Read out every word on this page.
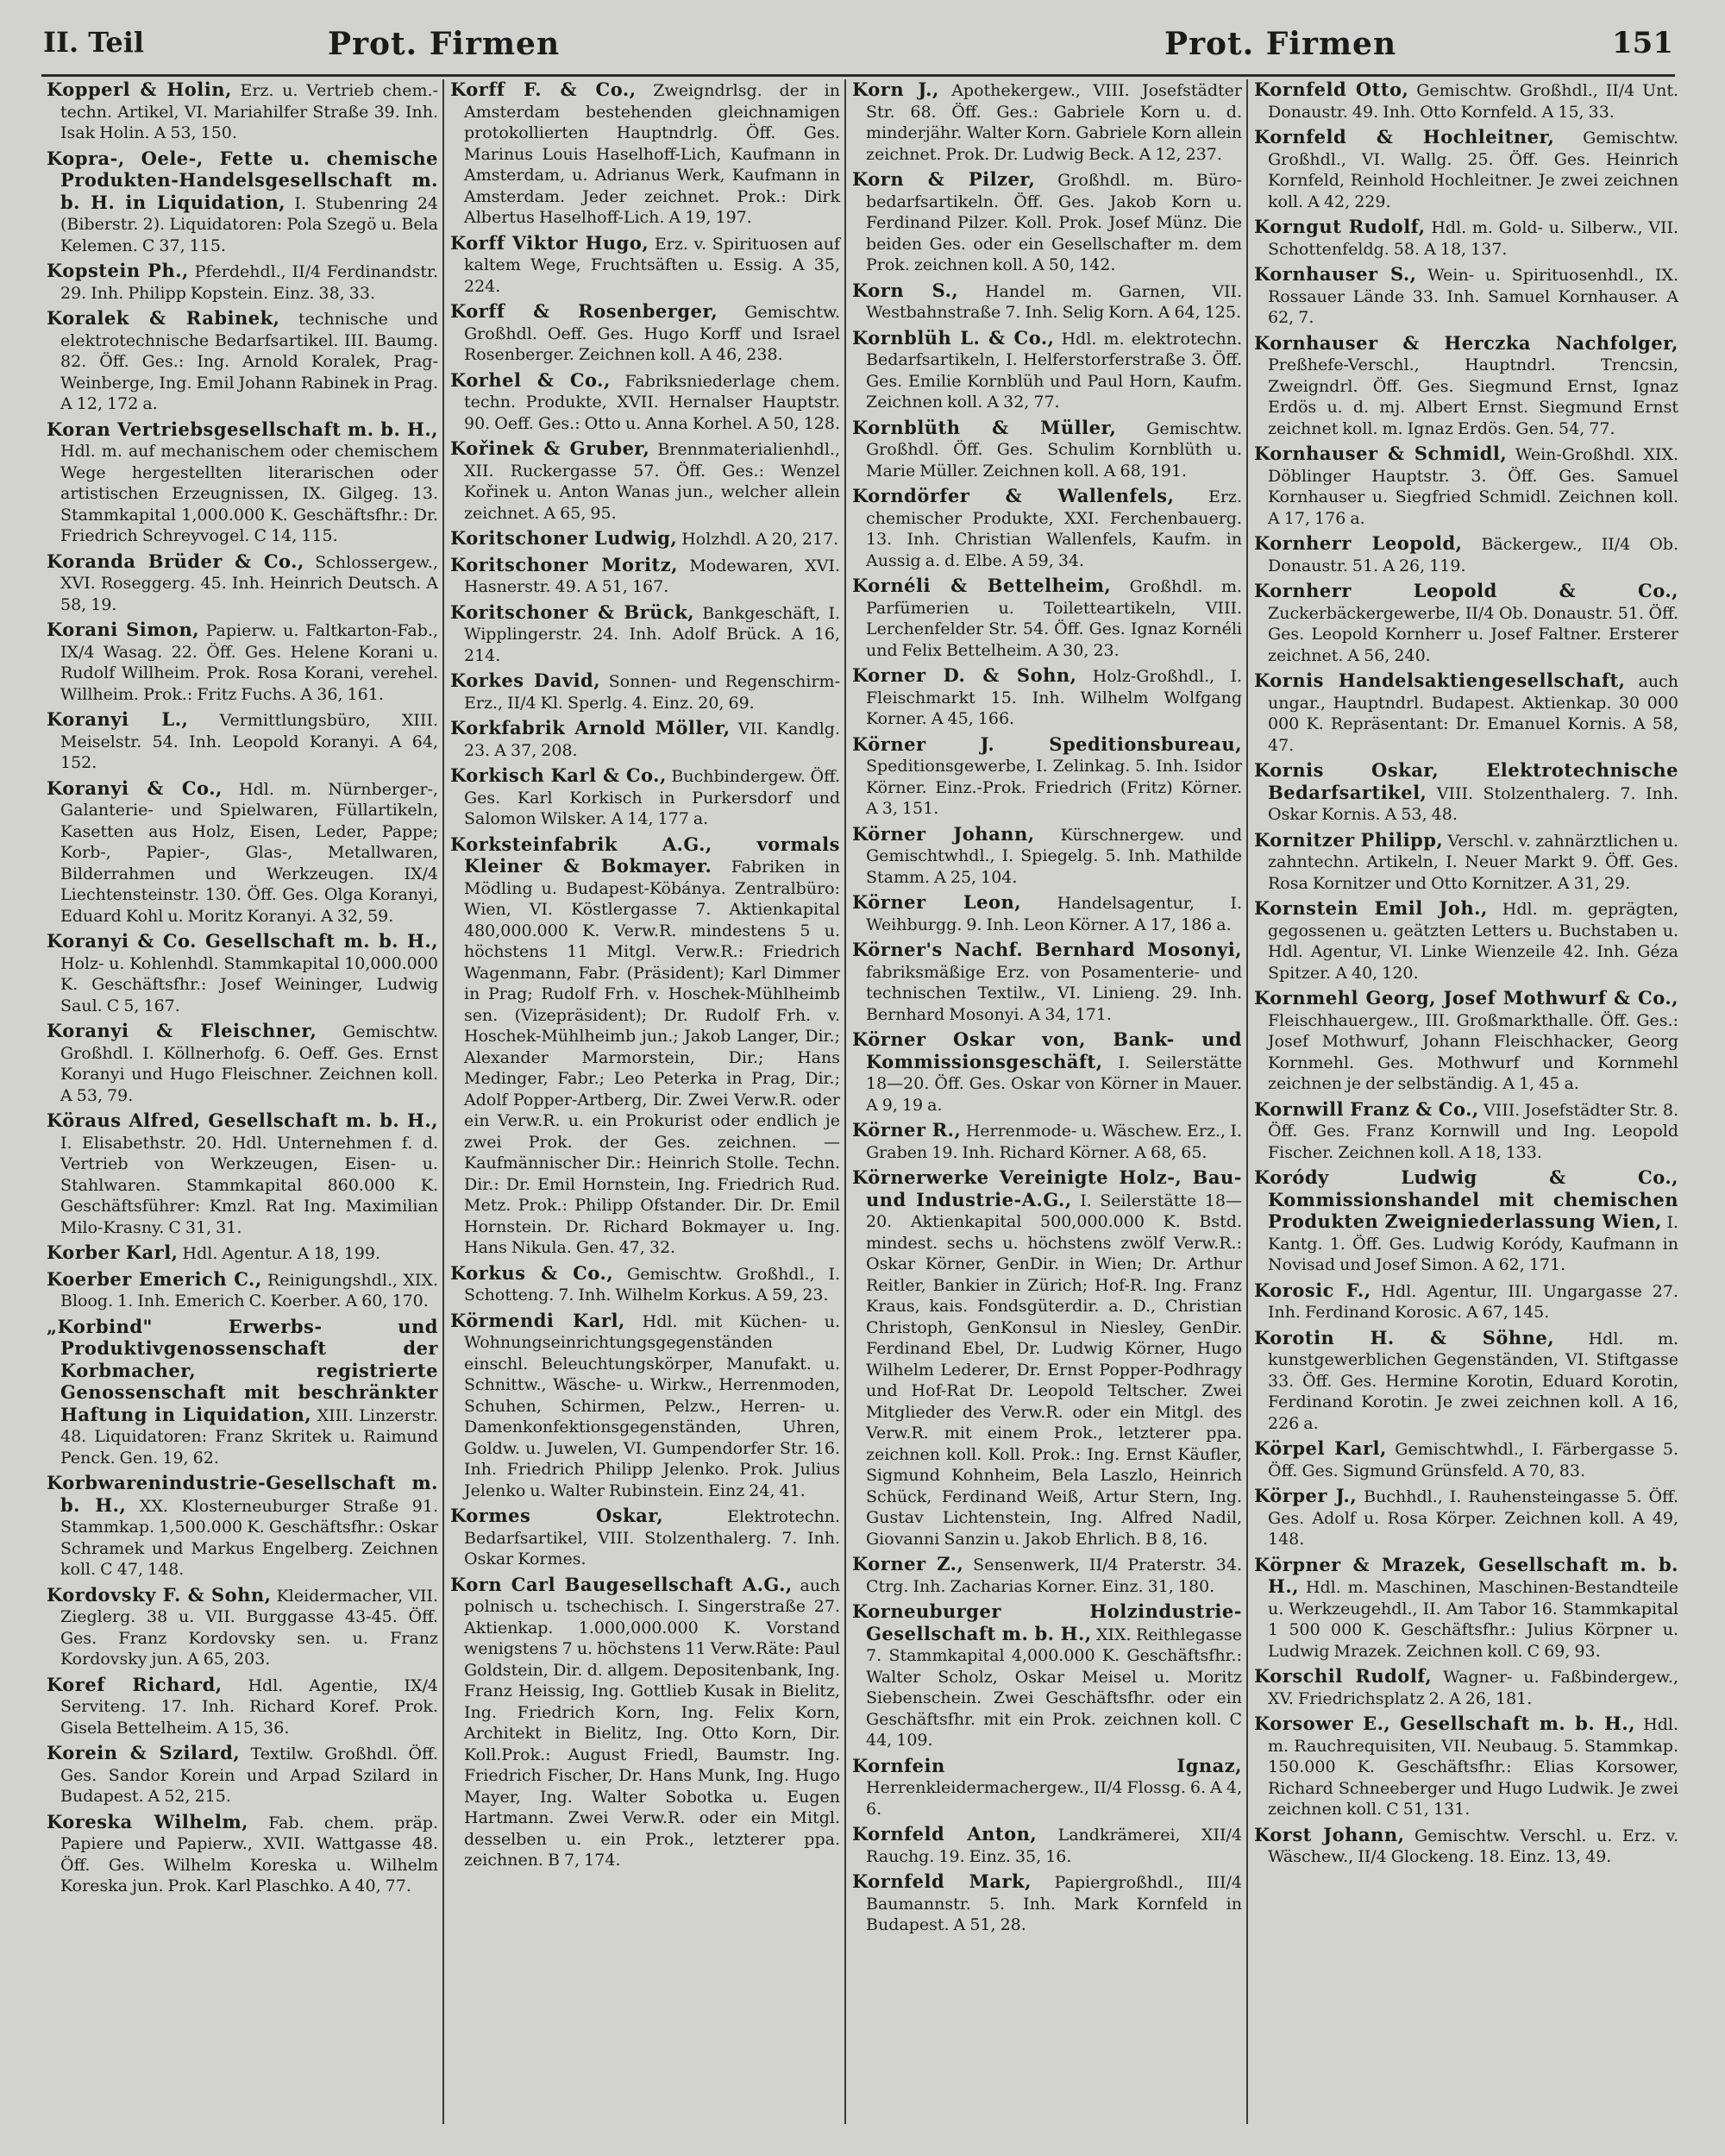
II. Teil	Prot. Firmen	Prot. Firmen	151

Kopperl & Holin, Erz. u. Vertrieb chem.-techn. Artikel, VI. Mariahilfer Straße 39. Inh. Isak Holin. A 53, 150.

Kopra-, Oele-, Fette u. chemische Produkten-Handelsgesellschaft m. b. H. in Liquidation, I. Stubenring 24 (Biberstr. 2). Liquidatoren: Pola Szegö u. Bela Kelemen. C 37, 115.

Kopstein Ph., Pferdehdl., II/4 Ferdinandstr. 29. Inh. Philipp Kopstein. Einz. 38, 33.

Koralek & Rabinek, technische und elektrotechnische Bedarfsartikel. III. Baumg. 82. Öff. Ges.: Ing. Arnold Koralek, Prag-Weinberge, Ing. Emil Johann Rabinek in Prag. A 12, 172 a.

Koran Vertriebsgesellschaft m. b. H., Hdl. m. auf mechanischem oder chemischem Wege hergestellten literarischen oder artistischen Erzeugnissen, IX. Gilgeg. 13. Stammkapital 1,000.000 K. Geschäftsfhr.: Dr. Friedrich Schreyvogel. C 14, 115.

Koranda Brüder & Co., Schlossergew., XVI. Roseggerg. 45. Inh. Heinrich Deutsch. A 58, 19.

Korani Simon, Papierw. u. Faltkarton-Fab., IX/4 Wasag. 22. Öff. Ges. Helene Korani u. Rudolf Willheim. Prok. Rosa Korani, verehel. Willheim. Prok.: Fritz Fuchs. A 36, 161.

Koranyi L., Vermittlungsbüro, XIII. Meiselstr. 54. Inh. Leopold Koranyi. A 64, 152.

Koranyi & Co., Hdl. m. Nürnberger-, Galanterie- und Spielwaren, Füllartikeln, Kasetten aus Holz, Eisen, Leder, Pappe; Korb-, Papier-, Glas-, Metallwaren, Bilderrahmen und Werkzeugen. IX/4 Liechtensteinstr. 130. Öff. Ges. Olga Koranyi, Eduard Kohl u. Moritz Koranyi. A 32, 59.

Koranyi & Co. Gesellschaft m. b. H., Holz- u. Kohlenhdl. Stammkapital 10,000.000 K. Geschäftsfhr.: Josef Weininger, Ludwig Saul. C 5, 167.

Koranyi & Fleischner, Gemischtw. Großhdl. I. Köllnerhofg. 6. Oeff. Ges. Ernst Koranyi und Hugo Fleischner. Zeichnen koll. A 53, 79.

Köraus Alfred, Gesellschaft m. b. H., I. Elisabethstr. 20. Hdl. Unternehmen f. d. Vertrieb von Werkzeugen, Eisen- u. Stahlwaren. Stammkapital 860.000 K. Geschäftsführer: Kmzl. Rat Ing. Maximilian Milo-Krasny. C 31, 31.

Korber Karl, Hdl. Agentur. A 18, 199.

Koerber Emerich C., Reinigungshdl., XIX. Bloog. 1. Inh. Emerich C. Koerber. A 60, 170.

„Korbind" Erwerbs- und Produktivgenossenschaft der Korbmacher, registrierte Genossenschaft mit beschränkter Haftung in Liquidation, XIII. Linzerstr. 48. Liquidatoren: Franz Skritek u. Raimund Penck. Gen. 19, 62.

Korbwarenindustrie-Gesellschaft m. b. H., XX. Klosterneuburger Straße 91. Stammkap. 1,500.000 K. Geschäftsfhr.: Oskar Schramek und Markus Engelberg. Zeichnen koll. C 47, 148.

Kordovsky F. & Sohn, Kleidermacher, VII. Zieglerg. 38 u. VII. Burggasse 43-45. Öff. Ges. Franz Kordovsky sen. u. Franz Kordovsky jun. A 65, 203.

Koref Richard, Hdl. Agentie, IX/4 Serviteng. 17. Inh. Richard Koref. Prok. Gisela Bettelheim. A 15, 36.

Korein & Szilard, Textilw. Großhdl. Öff. Ges. Sandor Korein und Arpad Szilard in Budapest. A 52, 215.

Koreska Wilhelm, Fab. chem. präp. Papiere und Papierw., XVII. Wattgasse 48. Öff. Ges. Wilhelm Koreska u. Wilhelm Koreska jun. Prok. Karl Plaschko. A 40, 77.

Korff F. & Co., Zweigndrlsg. der in Amsterdam bestehenden gleichnamigen protokollierten Hauptndrlg. Öff. Ges. Marinus Louis Haselhoff-Lich, Kaufmann in Amsterdam, u. Adrianus Werk, Kaufmann in Amsterdam. Jeder zeichnet. Prok.: Dirk Albertus Haselhoff-Lich. A 19, 197.

Korff Viktor Hugo, Erz. v. Spirituosen auf kaltem Wege, Fruchtsäften u. Essig. A 35, 224.

Korff & Rosenberger, Gemischtw. Großhdl. Oeff. Ges. Hugo Korff und Israel Rosenberger. Zeichnen koll. A 46, 238.

Korhel & Co., Fabriksniederlage chem. techn. Produkte, XVII. Hernalser Hauptstr. 90. Oeff. Ges.: Otto u. Anna Korhel. A 50, 128.

Kořinek & Gruber, Brennmaterialienhdl., XII. Ruckergasse 57. Öff. Ges.: Wenzel Kořinek u. Anton Wanas jun., welcher allein zeichnet. A 65, 95.

Koritschoner Ludwig, Holzhdl. A 20, 217.

Koritschoner Moritz, Modewaren, XVI. Hasnerstr. 49. A 51, 167.

Koritschoner & Brück, Bankgeschäft, I. Wipplingerstr. 24. Inh. Adolf Brück. A 16, 214.

Korkes David, Sonnen- und Regenschirm-Erz., II/4 Kl. Sperlg. 4. Einz. 20, 69.

Korkfabrik Arnold Möller, VII. Kandlg. 23. A 37, 208.

Korkisch Karl & Co., Buchbindergew. Öff. Ges. Karl Korkisch in Purkersdorf und Salomon Wilsker. A 14, 177 a.

Korksteinfabrik A.G., vormals Kleiner & Bokmayer. Fabriken in Mödling u. Budapest-Köbánya. Zentralbüro: Wien, VI. Köstlergasse 7. Aktienkapital 480,000.000 K. Verw.R. mindestens 5 u. höchstens 11 Mitgl. Verw.R.: Friedrich Wagenmann, Fabr. (Präsident); Karl Dimmer in Prag; Rudolf Frh. v. Hoschek-Mühlheimb sen. (Vizepräsident); Dr. Rudolf Frh. v. Hoschek-Mühlheimb jun.; Jakob Langer, Dir.; Alexander Marmorstein, Dir.; Hans Medinger, Fabr.; Leo Peterka in Prag, Dir.; Adolf Popper-Artberg, Dir. Zwei Verw.R. oder ein Verw.R. u. ein Prokurist oder endlich je zwei Prok. der Ges. zeichnen. — Kaufmännischer Dir.: Heinrich Stolle. Techn. Dir.: Dr. Emil Hornstein, Ing. Friedrich Rud. Metz. Prok.: Philipp Ofstander. Dir. Dr. Emil Hornstein. Dr. Richard Bokmayer u. Ing. Hans Nikula. Gen. 47, 32.

Korkus & Co., Gemischtw. Großhdl., I. Schotteng. 7. Inh. Wilhelm Korkus. A 59, 23.

Körmendi Karl, Hdl. mit Küchen- u. Wohnungseinrichtungsgegenständen einschl. Beleuchtungskörper, Manufakt. u. Schnittw., Wäsche- u. Wirkw., Herrenmoden, Schuhen, Schirmen, Pelzw., Herren- u. Damenkonfektionsgegenständen, Uhren, Goldw. u. Juwelen, VI. Gumpendorfer Str. 16. Inh. Friedrich Philipp Jelenko. Prok. Julius Jelenko u. Walter Rubinstein. Einz 24, 41.

Kormes Oskar, Elektrotechn. Bedarfsartikel, VIII. Stolzenthalerg. 7. Inh. Oskar Kormes.

Korn Carl Baugesellschaft A.G., auch polnisch u. tschechisch. I. Singerstraße 27. Aktienkap. 1.000,000.000 K. Vorstand wenigstens 7 u. höchstens 11 Verw.Räte: Paul Goldstein, Dir. d. allgem. Depositenbank, Ing. Franz Heissig, Ing. Gottlieb Kusak in Bielitz, Ing. Friedrich Korn, Ing. Felix Korn, Architekt in Bielitz, Ing. Otto Korn, Dir. Koll.Prok.: August Friedl, Baumstr. Ing. Friedrich Fischer, Dr. Hans Munk, Ing. Hugo Mayer, Ing. Walter Sobotka u. Eugen Hartmann. Zwei Verw.R. oder ein Mitgl. desselben u. ein Prok., letzterer ppa. zeichnen. B 7, 174.

Korn J., Apothekergew., VIII. Josefstädter Str. 68. Öff. Ges.: Gabriele Korn u. d. minderjähr. Walter Korn. Gabriele Korn allein zeichnet. Prok. Dr. Ludwig Beck. A 12, 237.

Korn & Pilzer, Großhdl. m. Büro-bedarfsartikeln. Öff. Ges. Jakob Korn u. Ferdinand Pilzer. Koll. Prok. Josef Münz. Die beiden Ges. oder ein Gesellschafter m. dem Prok. zeichnen koll. A 50, 142.

Korn S., Handel m. Garnen, VII. Westbahnstraße 7. Inh. Selig Korn. A 64, 125.

Kornblüh L. & Co., Hdl. m. elektrotechn. Bedarfsartikeln, I. Helferstorferstraße 3. Öff. Ges. Emilie Kornblüh und Paul Horn, Kaufm. Zeichnen koll. A 32, 77.

Kornblüth & Müller, Gemischtw. Großhdl. Öff. Ges. Schulim Kornblüth u. Marie Müller. Zeichnen koll. A 68, 191.

Korndörfer & Wallenfels, Erz. chemischer Produkte, XXI. Ferchenbauerg. 13. Inh. Christian Wallenfels, Kaufm. in Aussig a. d. Elbe. A 59, 34.

Kornéli & Bettelheim, Großhdl. m. Parfümerien u. Toiletteartikeln, VIII. Lerchenfelder Str. 54. Öff. Ges. Ignaz Kornéli und Felix Bettelheim. A 30, 23.

Korner D. & Sohn, Holz-Großhdl., I. Fleischmarkt 15. Inh. Wilhelm Wolfgang Korner. A 45, 166.

Körner J. Speditionsbureau, Speditionsgewerbe, I. Zelinkag. 5. Inh. Isidor Körner. Einz.-Prok. Friedrich (Fritz) Körner. A 3, 151.

Körner Johann, Kürschnergew. und Gemischtwhdl., I. Spiegelg. 5. Inh. Mathilde Stamm. A 25, 104.

Körner Leon, Handelsagentur, I. Weihburgg. 9. Inh. Leon Körner. A 17, 186 a.

Körner's Nachf. Bernhard Mosonyi, fabriksmäßige Erz. von Posamenterie- und technischen Textilw., VI. Linieng. 29. Inh. Bernhard Mosonyi. A 34, 171.

Körner Oskar von, Bank- und Kommissionsgeschäft, I. Seilerstätte 18—20. Öff. Ges. Oskar von Körner in Mauer. A 9, 19 a.

Körner R., Herrenmode- u. Wäschew. Erz., I. Graben 19. Inh. Richard Körner. A 68, 65.

Körnerwerke Vereinigte Holz-, Bau- und Industrie-A.G., I. Seilerstätte 18—20. Aktienkapital 500,000.000 K. Bstd. mindest. sechs u. höchstens zwölf Verw.R.: Oskar Körner, GenDir. in Wien; Dr. Arthur Reitler, Bankier in Zürich; Hof-R. Ing. Franz Kraus, kais. Fondsgüterdir. a. D., Christian Christoph, GenKonsul in Niesley, GenDir. Ferdinand Ebel, Dr. Ludwig Körner, Hugo Wilhelm Lederer, Dr. Ernst Popper-Podhragy und Hof-Rat Dr. Leopold Teltscher. Zwei Mitglieder des Verw.R. oder ein Mitgl. des Verw.R. mit einem Prok., letzterer ppa. zeichnen koll. Koll. Prok.: Ing. Ernst Käufler, Sigmund Kohnheim, Bela Laszlo, Heinrich Schück, Ferdinand Weiß, Artur Stern, Ing. Gustav Lichtenstein, Ing. Alfred Nadil, Giovanni Sanzin u. Jakob Ehrlich. B 8, 16.

Korner Z., Sensenwerk, II/4 Praterstr. 34. Ctrg. Inh. Zacharias Korner. Einz. 31, 180.

Korneuburger Holzindustrie-Gesellschaft m. b. H., XIX. Reithlegasse 7. Stammkapital 4,000.000 K. Geschäftsfhr.: Walter Scholz, Oskar Meisel u. Moritz Siebenschein. Zwei Geschäftsfhr. oder ein Geschäftsfhr. mit ein Prok. zeichnen koll. C 44, 109.

Kornfein Ignaz, Herrenkleidermachergew., II/4 Flossg. 6. A 4, 6.

Kornfeld Anton, Landkrämerei, XII/4 Rauchg. 19. Einz. 35, 16.

Kornfeld Mark, Papiergroßhdl., III/4 Baumannstr. 5. Inh. Mark Kornfeld in Budapest. A 51, 28.

Kornfeld Otto, Gemischtw. Großhdl., II/4 Unt. Donaustr. 49. Inh. Otto Kornfeld. A 15, 33.

Kornfeld & Hochleitner, Gemischtw. Großhdl., VI. Wallg. 25. Öff. Ges. Heinrich Kornfeld, Reinhold Hochleitner. Je zwei zeichnen koll. A 42, 229.

Korngut Rudolf, Hdl. m. Gold- u. Silberw., VII. Schottenfeldg. 58. A 18, 137.

Kornhauser S., Wein- u. Spirituosenhdl., IX. Rossauer Lände 33. Inh. Samuel Kornhauser. A 62, 7.

Kornhauser & Herczka Nachfolger, Preßhefe-Verschl., Hauptndrl. Trencsin, Zweigndrl. Öff. Ges. Siegmund Ernst, Ignaz Erdös u. d. mj. Albert Ernst. Siegmund Ernst zeichnet koll. m. Ignaz Erdös. Gen. 54, 77.

Kornhauser & Schmidl, Wein-Großhdl. XIX. Döblinger Hauptstr. 3. Öff. Ges. Samuel Kornhauser u. Siegfried Schmidl. Zeichnen koll. A 17, 176 a.

Kornherr Leopold, Bäckergew., II/4 Ob. Donaustr. 51. A 26, 119.

Kornherr Leopold & Co., Zuckerbäckergewerbe, II/4 Ob. Donaustr. 51. Öff. Ges. Leopold Kornherr u. Josef Faltner. Ersterer zeichnet. A 56, 240.

Kornis Handelsaktiengesellschaft, auch ungar., Hauptndrl. Budapest. Aktienkap. 30 000 000 K. Repräsentant: Dr. Emanuel Kornis. A 58, 47.

Kornis Oskar, Elektrotechnische Bedarfsartikel, VIII. Stolzenthalerg. 7. Inh. Oskar Kornis. A 53, 48.

Kornitzer Philipp, Verschl. v. zahnärztlichen u. zahntechn. Artikeln, I. Neuer Markt 9. Öff. Ges. Rosa Kornitzer und Otto Kornitzer. A 31, 29.

Kornstein Emil Joh., Hdl. m. geprägten, gegossenen u. geätzten Letters u. Buchstaben u. Hdl. Agentur, VI. Linke Wienzeile 42. Inh. Géza Spitzer. A 40, 120.

Kornmehl Georg, Josef Mothwurf & Co., Fleischhauergew., III. Großmarkthalle. Öff. Ges.: Josef Mothwurf, Johann Fleischhacker, Georg Kornmehl. Ges. Mothwurf und Kornmehl zeichnen je der selbständig. A 1, 45 a.

Kornwill Franz & Co., VIII. Josefstädter Str. 8. Öff. Ges. Franz Kornwill und Ing. Leopold Fischer. Zeichnen koll. A 18, 133.

Koródy Ludwig & Co., Kommissionshandel mit chemischen Produkten Zweigniederlassung Wien, I. Kantg. 1. Öff. Ges. Ludwig Koródy, Kaufmann in Novisad und Josef Simon. A 62, 171.

Korosic F., Hdl. Agentur, III. Ungargasse 27. Inh. Ferdinand Korosic. A 67, 145.

Korotin H. & Söhne, Hdl. m. kunstgewerblichen Gegenständen, VI. Stiftgasse 33. Öff. Ges. Hermine Korotin, Eduard Korotin, Ferdinand Korotin. Je zwei zeichnen koll. A 16, 226 a.

Körpel Karl, Gemischtwhdl., I. Färbergasse 5. Öff. Ges. Sigmund Grünsfeld. A 70, 83.

Körper J., Buchhdl., I. Rauhensteingasse 5. Öff. Ges. Adolf u. Rosa Körper. Zeichnen koll. A 49, 148.

Körpner & Mrazek, Gesellschaft m. b. H., Hdl. m. Maschinen, Maschinen-Bestandteile u. Werkzeugehdl., II. Am Tabor 16. Stammkapital 1 500 000 K. Geschäftsfhr.: Julius Körpner u. Ludwig Mrazek. Zeichnen koll. C 69, 93.

Korschil Rudolf, Wagner- u. Faßbindergew., XV. Friedrichsplatz 2. A 26, 181.

Korsower E., Gesellschaft m. b. H., Hdl. m. Rauchrequisiten, VII. Neubaug. 5. Stammkap. 150.000 K. Geschäftsfhr.: Elias Korsower, Richard Schneeberger und Hugo Ludwik. Je zwei zeichnen koll. C 51, 131.

Korst Johann, Gemischtw. Verschl. u. Erz. v. Wäschew., II/4 Glockeng. 18. Einz. 13, 49.
